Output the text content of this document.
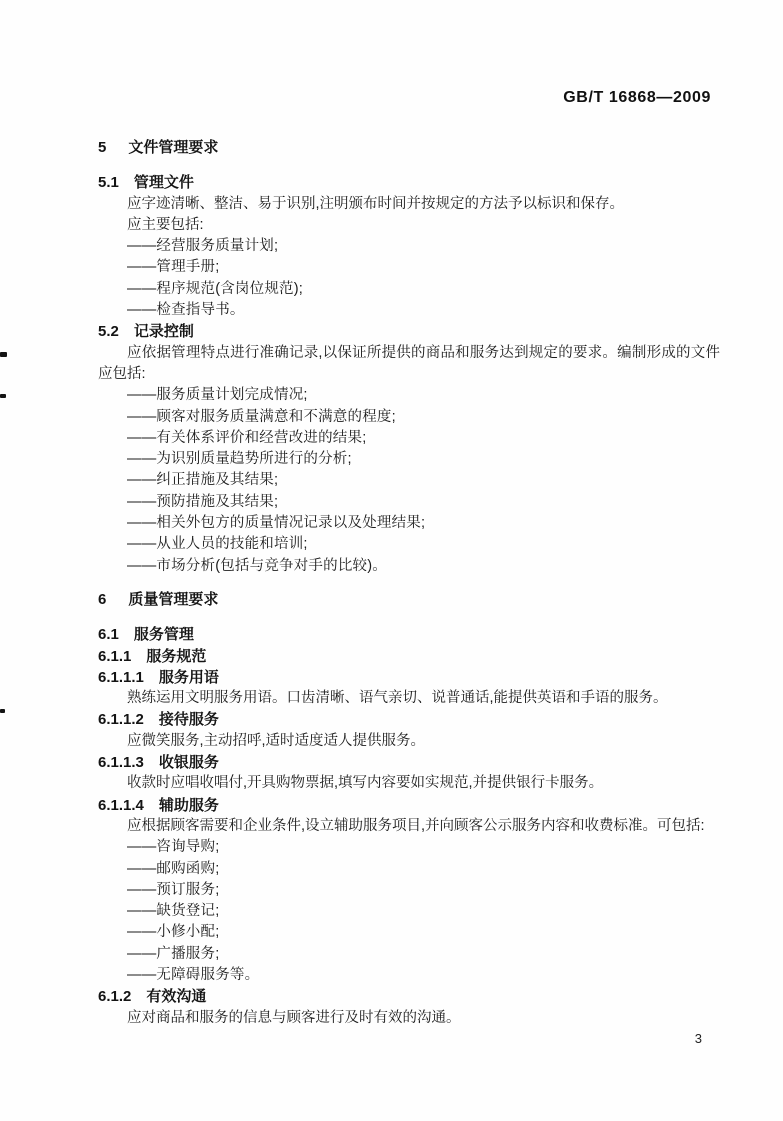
GB/T 16868—2009
5 文件管理要求
5.1 管理文件
应字迹清晰、整洁、易于识别,注明颁布时间并按规定的方法予以标识和保存。
应主要包括:
——经营服务质量计划;
——管理手册;
——程序规范(含岗位规范);
——检查指导书。
5.2 记录控制
应依据管理特点进行准确记录,以保证所提供的商品和服务达到规定的要求。编制形成的文件应包括:
——服务质量计划完成情况;
——顾客对服务质量满意和不满意的程度;
——有关体系评价和经营改进的结果;
——为识别质量趋势所进行的分析;
——纠正措施及其结果;
——预防措施及其结果;
——相关外包方的质量情况记录以及处理结果;
——从业人员的技能和培训;
——市场分析(包括与竞争对手的比较)。
6 质量管理要求
6.1 服务管理
6.1.1 服务规范
6.1.1.1 服务用语
熟练运用文明服务用语。口齿清晰、语气亲切、说普通话,能提供英语和手语的服务。
6.1.1.2 接待服务
应微笑服务,主动招呼,适时适度适人提供服务。
6.1.1.3 收银服务
收款时应唱收唱付,开具购物票据,填写内容要如实规范,并提供银行卡服务。
6.1.1.4 辅助服务
应根据顾客需要和企业条件,设立辅助服务项目,并向顾客公示服务内容和收费标准。可包括:
——咨询导购;
——邮购函购;
——预订服务;
——缺货登记;
——小修小配;
——广播服务;
——无障碍服务等。
6.1.2 有效沟通
应对商品和服务的信息与顾客进行及时有效的沟通。
3
